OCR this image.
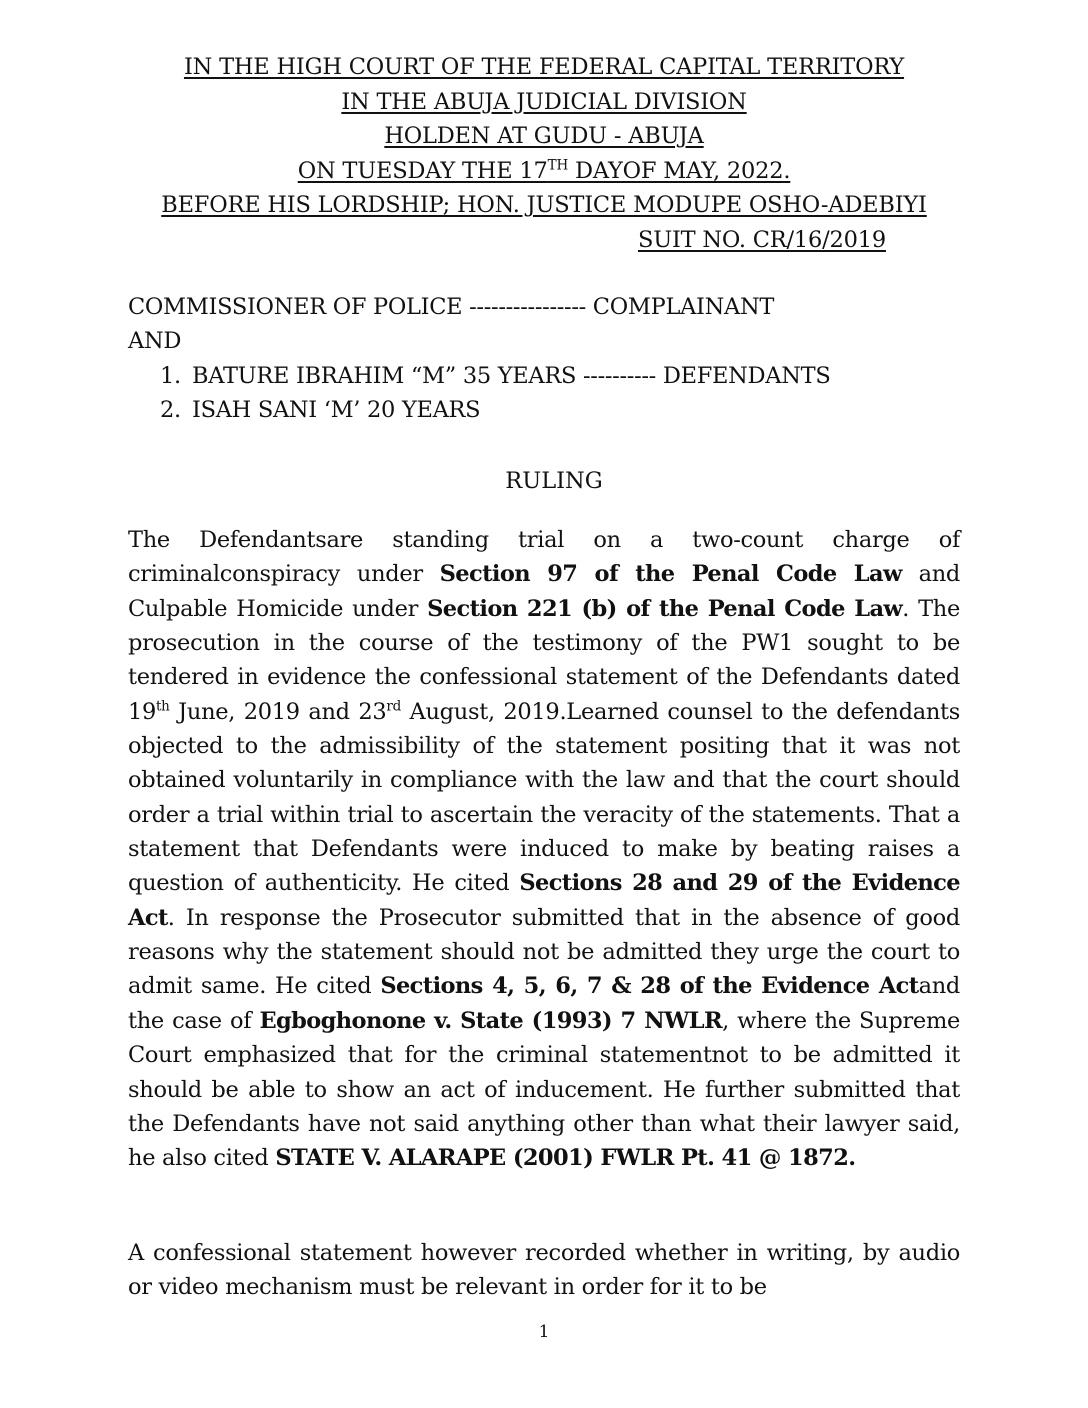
IN THE HIGH COURT OF THE FEDERAL CAPITAL TERRITORY
IN THE ABUJA JUDICIAL DIVISION
HOLDEN AT GUDU - ABUJA
ON TUESDAY THE 17TH DAYOF MAY, 2022.
BEFORE HIS LORDSHIP; HON. JUSTICE MODUPE OSHO-ADEBIYI
SUIT NO. CR/16/2019
COMMISSIONER OF POLICE ---------------- COMPLAINANT
AND
1. BATURE IBRAHIM “M” 35 YEARS ---------- DEFENDANTS
2. ISAH SANI ‘M’ 20 YEARS
RULING
The Defendantsare standing trial on a two-count charge of criminalconspiracy under Section 97 of the Penal Code Law and Culpable Homicide under Section 221 (b) of the Penal Code Law. The prosecution in the course of the testimony of the PW1 sought to be tendered in evidence the confessional statement of the Defendants dated 19th June, 2019 and 23rd August, 2019.Learned counsel to the defendants objected to the admissibility of the statement positing that it was not obtained voluntarily in compliance with the law and that the court should order a trial within trial to ascertain the veracity of the statements. That a statement that Defendants were induced to make by beating raises a question of authenticity. He cited Sections 28 and 29 of the Evidence Act. In response the Prosecutor submitted that in the absence of good reasons why the statement should not be admitted they urge the court to admit same. He cited Sections 4, 5, 6, 7 & 28 of the Evidence Actand the case of Egboghonone v. State (1993) 7 NWLR, where the Supreme Court emphasized that for the criminal statementnot to be admitted it should be able to show an act of inducement. He further submitted that the Defendants have not said anything other than what their lawyer said, he also cited STATE V. ALARAPE (2001) FWLR Pt. 41 @ 1872.
A confessional statement however recorded whether in writing, by audio or video mechanism must be relevant in order for it to be
1
